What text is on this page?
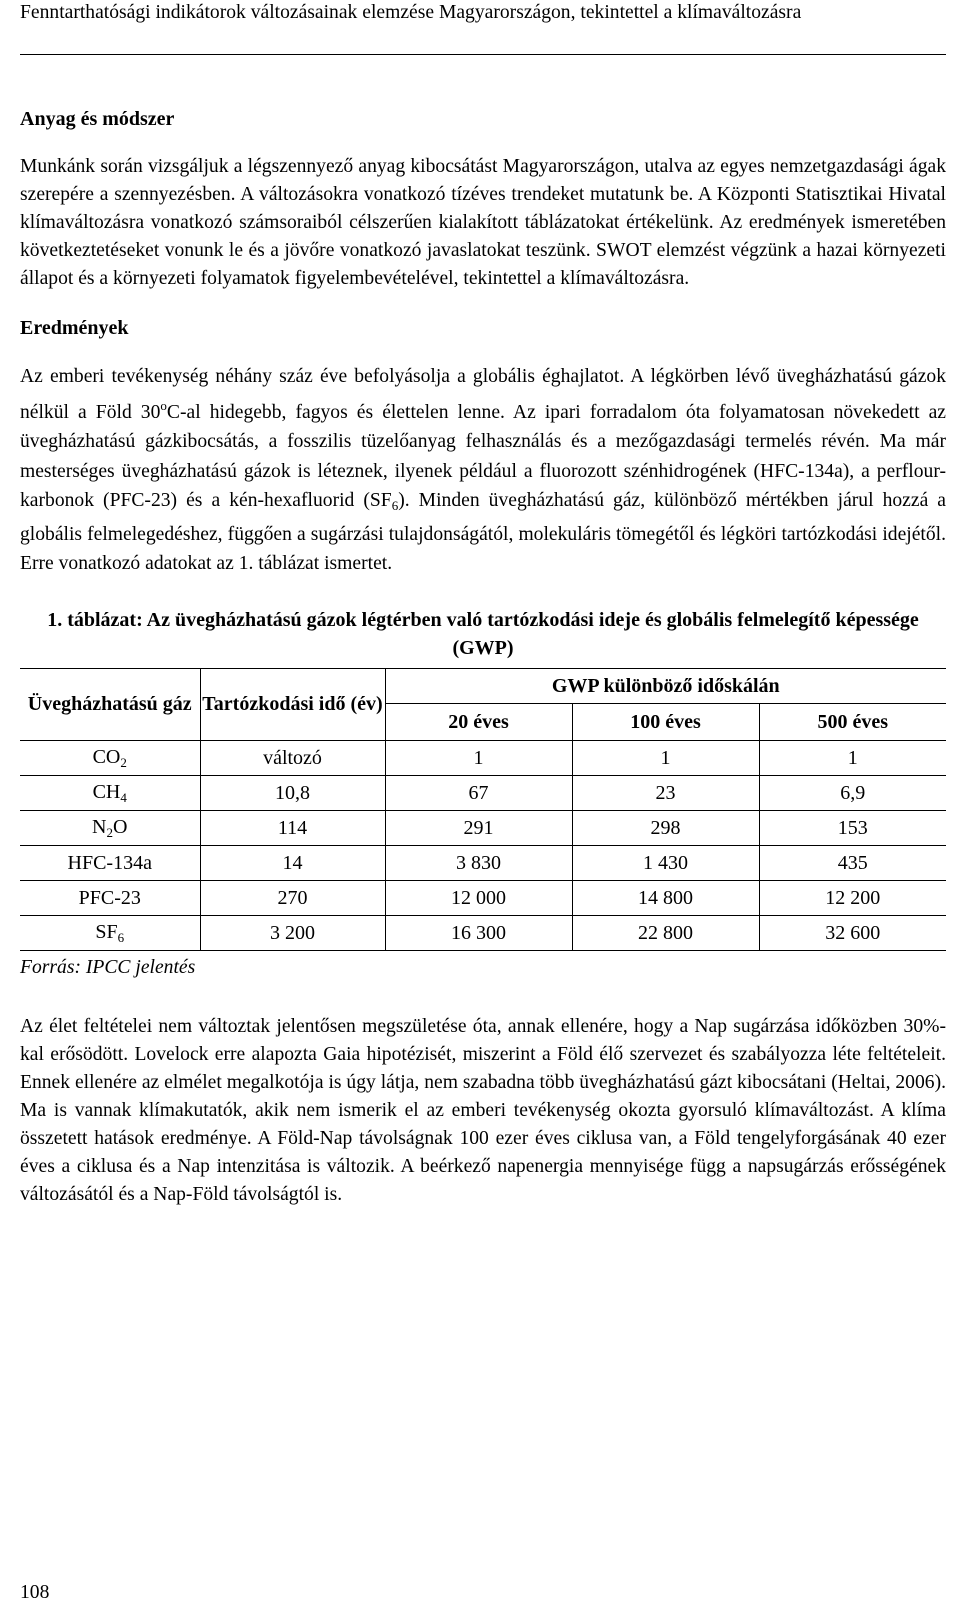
Fenntarthatósági indikátorok változásainak elemzése Magyarországon, tekintettel a klímaváltozásra
Anyag és módszer

Munkánk során vizsgáljuk a légszennyező anyag kibocsátást Magyarországon, utalva az egyes nemzetgazdasági ágak szerepére a szennyezésben. A változásokra vonatkozó tízéves trendeket mutatunk be. A Központi Statisztikai Hivatal klímaváltozásra vonatkozó számsoraiból célszerűen kialakított táblázatokat értékelünk. Az eredmények ismeretében következtetéseket vonunk le és a jövőre vonatkozó javaslatokat teszünk. SWOT elemzést végzünk a hazai környezeti állapot és a környezeti folyamatok figyelembevételével, tekintettel a klímaváltozásra.

Eredmények

Az emberi tevékenység néhány száz éve befolyásolja a globális éghajlatot. A légkörben lévő üvegházhatású gázok nélkül a Föld 30$^o$C-al hidegebb, fagyos és élettelen lenne. Az ipari forradalom óta folyamatosan növekedett az üvegházhatású gázkibocsátás, a fosszilis tüzelőanyag felhasználás és a mezőgazdasági termelés révén. Ma már mesterséges üvegházhatású gázok is léteznek, ilyenek például a fluorozott szénhidrogének (HFC-134a), a perflour-karbonok (PFC-23) és a kén-hexafluorid $(SF_6)$. Minden üvegházhatású gáz, különböző mértékben járul hozzá a globális felmelegedéshez, függően a sugárzási tulajdonságától, molekuláris tömegétől és légköri tartózkodási idejétől. Erre vonatkozó adatokat az 1. táblázat ismertet.

1. táblázat: Az üvegházhatású gázok légtérben való tartózkodási ideje és globális felmelegítő képessége (GWP)
Üvegházhatású gáz	Tartózkodási idő (év)	GWP különböző időskálán		
		20 éves	100 éves	500 éves
$CO_2$	változó	1	1	1
$CH_4$	10,8	67	23	6,9
$N_2O$	114	291	298	153
HFC-134a	14	3 830	1 430	435
PFC-23	270	12 000	14 800	12 200
$SF_6$	3 200	16 300	22 800	32 600
Forrás: IPCC jelentés

Az élet feltételei nem változtak jelentősen megszületése óta, annak ellenére, hogy a Nap sugárzása időközben 30%-kal erősödött. Lovelock erre alapozta Gaia hipotézisét, miszerint a Föld élő szervezet és szabályozza léte feltételeit. Ennek ellenére az elmélet megalkotója is úgy látja, nem szabadna több üvegházhatású gázt kibocsátani (Heltai, 2006).

Ma is vannak klímakutatók, akik nem ismerik el az emberi tevékenység okozta gyorsuló klímaváltozást. A klíma összetett hatások eredménye. A Föld-Nap távolságnak 100 ezer éves ciklusa van, a Föld tengelyforgásának 40 ezer éves a ciklusa és a Nap intenzitása is változik. A beérkező napenergia mennyisége függ a napsugárzás erősségének változásától és a Nap-Föld távolságtól is.

108
